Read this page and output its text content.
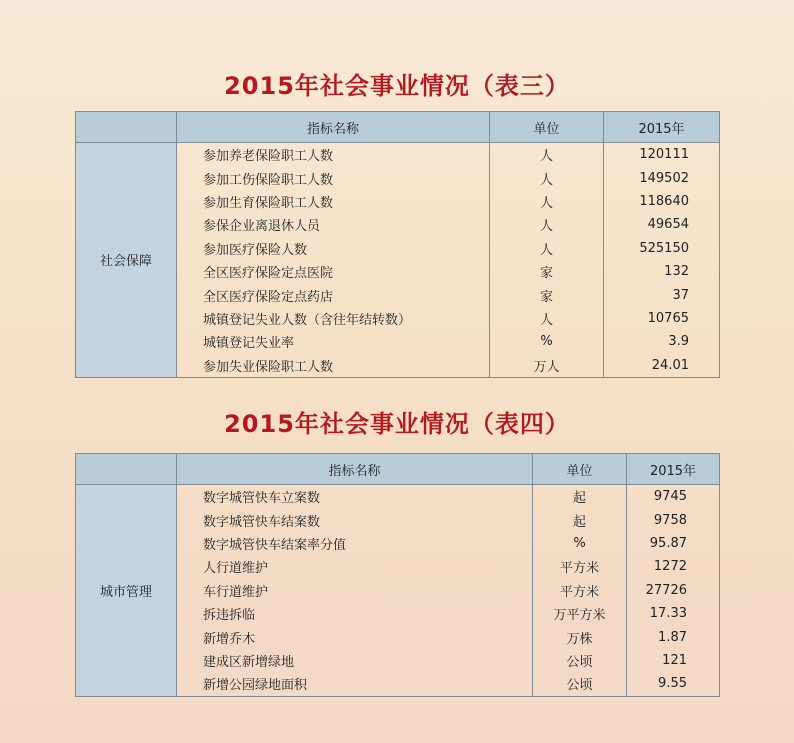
2015年社会事业情况（表三）
	指标名称	单位	2015年
社会保障	参加养老保险职工人数	人	120111
	参加工伤保险职工人数	人	149502
	参加生育保险职工人数	人	118640
	参保企业离退休人员	人	49654
	参加医疗保险人数	人	525150
	全区医疗保险定点医院	家	132
	全区医疗保险定点药店	家	37
	城镇登记失业人数（含往年结转数）	人	10765
	城镇登记失业率	%	3.9
	参加失业保险职工人数	万人	24.01
2015年社会事业情况（表四）
	指标名称	单位	2015年
城市管理	数字城管快车立案数	起	9745
	数字城管快车结案数	起	9758
	数字城管快车结案率分值	%	95.87
	人行道维护	平方米	1272
	车行道维护	平方米	27726
	拆违拆临	万平方米	17.33
	新增乔木	万株	1.87
	建成区新增绿地	公顷	121
	新增公园绿地面积	公顷	9.55
